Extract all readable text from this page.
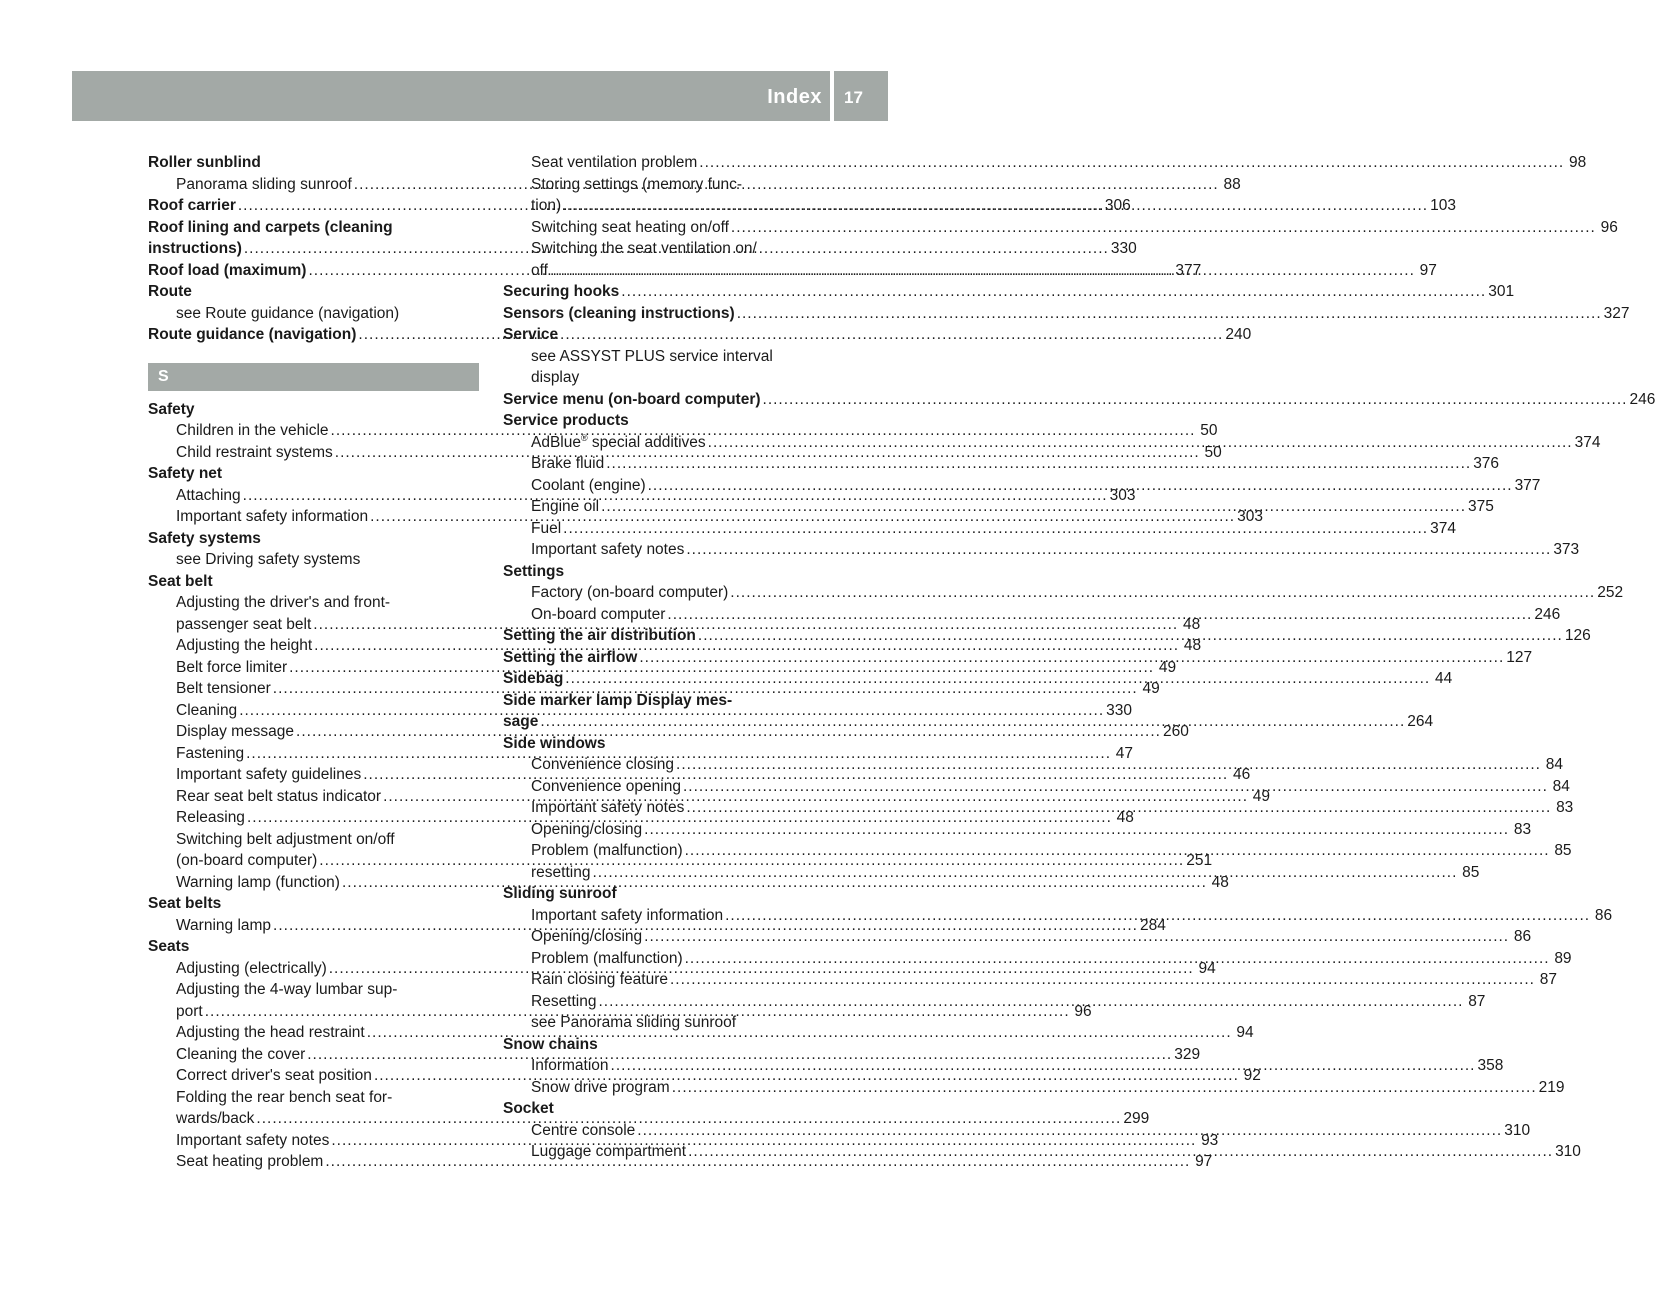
Index 17
Roller sunblind
Panorama sliding sunroof .....	88
Roof carrier .....	306
Roof lining and carpets (cleaning
instructions) .....	330
Roof load (maximum) .....	377
Route
see Route guidance (navigation)
Route guidance (navigation) .....	240
S
Safety
Children in the vehicle .....	50
Child restraint systems .....	50
Safety net
Attaching .....	303
Important safety information .....	303
Safety systems
see Driving safety systems
Seat belt
Adjusting the driver's and front-
passenger seat belt .....	48
Adjusting the height .....	48
Belt force limiter .....	49
Belt tensioner .....	49
Cleaning .....	330
Display message .....	260
Fastening .....	47
Important safety guidelines .....	46
Rear seat belt status indicator .....	49
Releasing .....	48
Switching belt adjustment on/off
(on-board computer) .....	251
Warning lamp (function) .....	48
Seat belts
Warning lamp .....	284
Seats
Adjusting (electrically) .....	94
Adjusting the 4-way lumbar sup-
port .....	96
Adjusting the head restraint .....	94
Cleaning the cover .....	329
Correct driver's seat position .....	92
Folding the rear bench seat for-
wards/back .....	299
Important safety notes .....	93
Seat heating problem .....	97
Seat ventilation problem .....	98
Storing settings (memory func-
tion) .....	103
Switching seat heating on/off .....	96
Switching the seat ventilation on/
off .....	97
Securing hooks .....	301
Sensors (cleaning instructions) .....	327
Service
see ASSYST PLUS service interval
display
Service menu (on-board computer) .....	246
Service products
AdBlue® special additives .....	374
Brake fluid .....	376
Coolant (engine) .....	377
Engine oil .....	375
Fuel .....	374
Important safety notes .....	373
Settings
Factory (on-board computer) .....	252
On-board computer .....	246
Setting the air distribution .....	126
Setting the airflow .....	127
Sidebag .....	44
Side marker lamp Display mes-
sage .....	264
Side windows
Convenience closing .....	84
Convenience opening .....	84
Important safety notes .....	83
Opening/closing .....	83
Problem (malfunction) .....	85
resetting .....	85
Sliding sunroof
Important safety information .....	86
Opening/closing .....	86
Problem (malfunction) .....	89
Rain closing feature .....	87
Resetting .....	87
see Panorama sliding sunroof
Snow chains
Information .....	358
Snow drive program .....	219
Socket
Centre console .....	310
Luggage compartment .....	310
